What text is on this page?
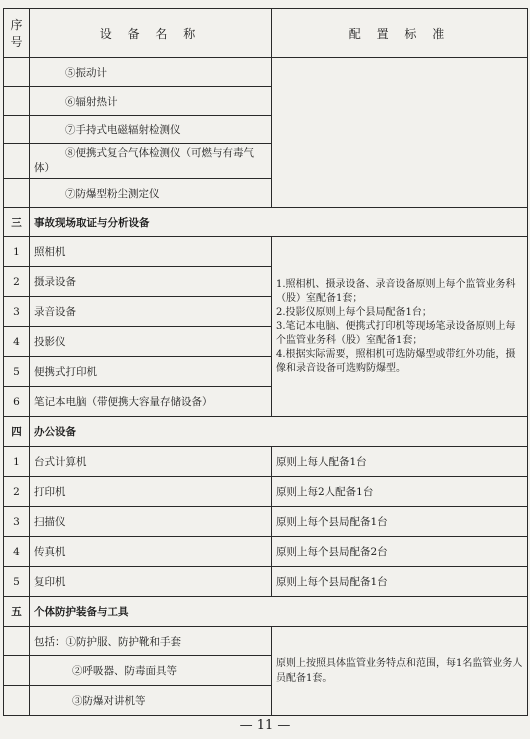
序号	设 备 名 称	配 置 标 准
	⑤振动计	
	⑥辐射热计	
	⑦手持式电磁辐射检测仪	
	⑧便携式复合气体检测仪（可燃与有毒气体）	
	⑦防爆型粉尘测定仪	
三	事故现场取证与分析设备	
1	照相机	1.照相机、摄录设备、录音设备原则上每个监管业务科（股）室配备1套；
2.投影仪原则上每个县局配备1台；
3.笔记本电脑、便携式打印机等现场笔录设备原则上每个监管业务科（股）室配备1套；
4.根据实际需要，照相机可选防爆型或带红外功能，摄像和录音设备可选购防爆型。

2	摄录设备	
3	录音设备	
4	投影仪	
5	便携式打印机	
6	笔记本电脑（带便携大容量存储设备）	
四	办公设备	
1	台式计算机	原则上每人配备1台
2	打印机	原则上每2人配备1台
3	扫描仪	原则上每个县局配备1台
4	传真机	原则上每个县局配备2台
5	复印机	原则上每个县局配备1台
五	个体防护装备与工具	
	包括：①防护服、防护靴和手套	原则上按照具体监管业务特点和范围，每1名监管业务人员配备1套。
	②呼吸器、防毒面具等	
	③防爆对讲机等	
— 11 —
